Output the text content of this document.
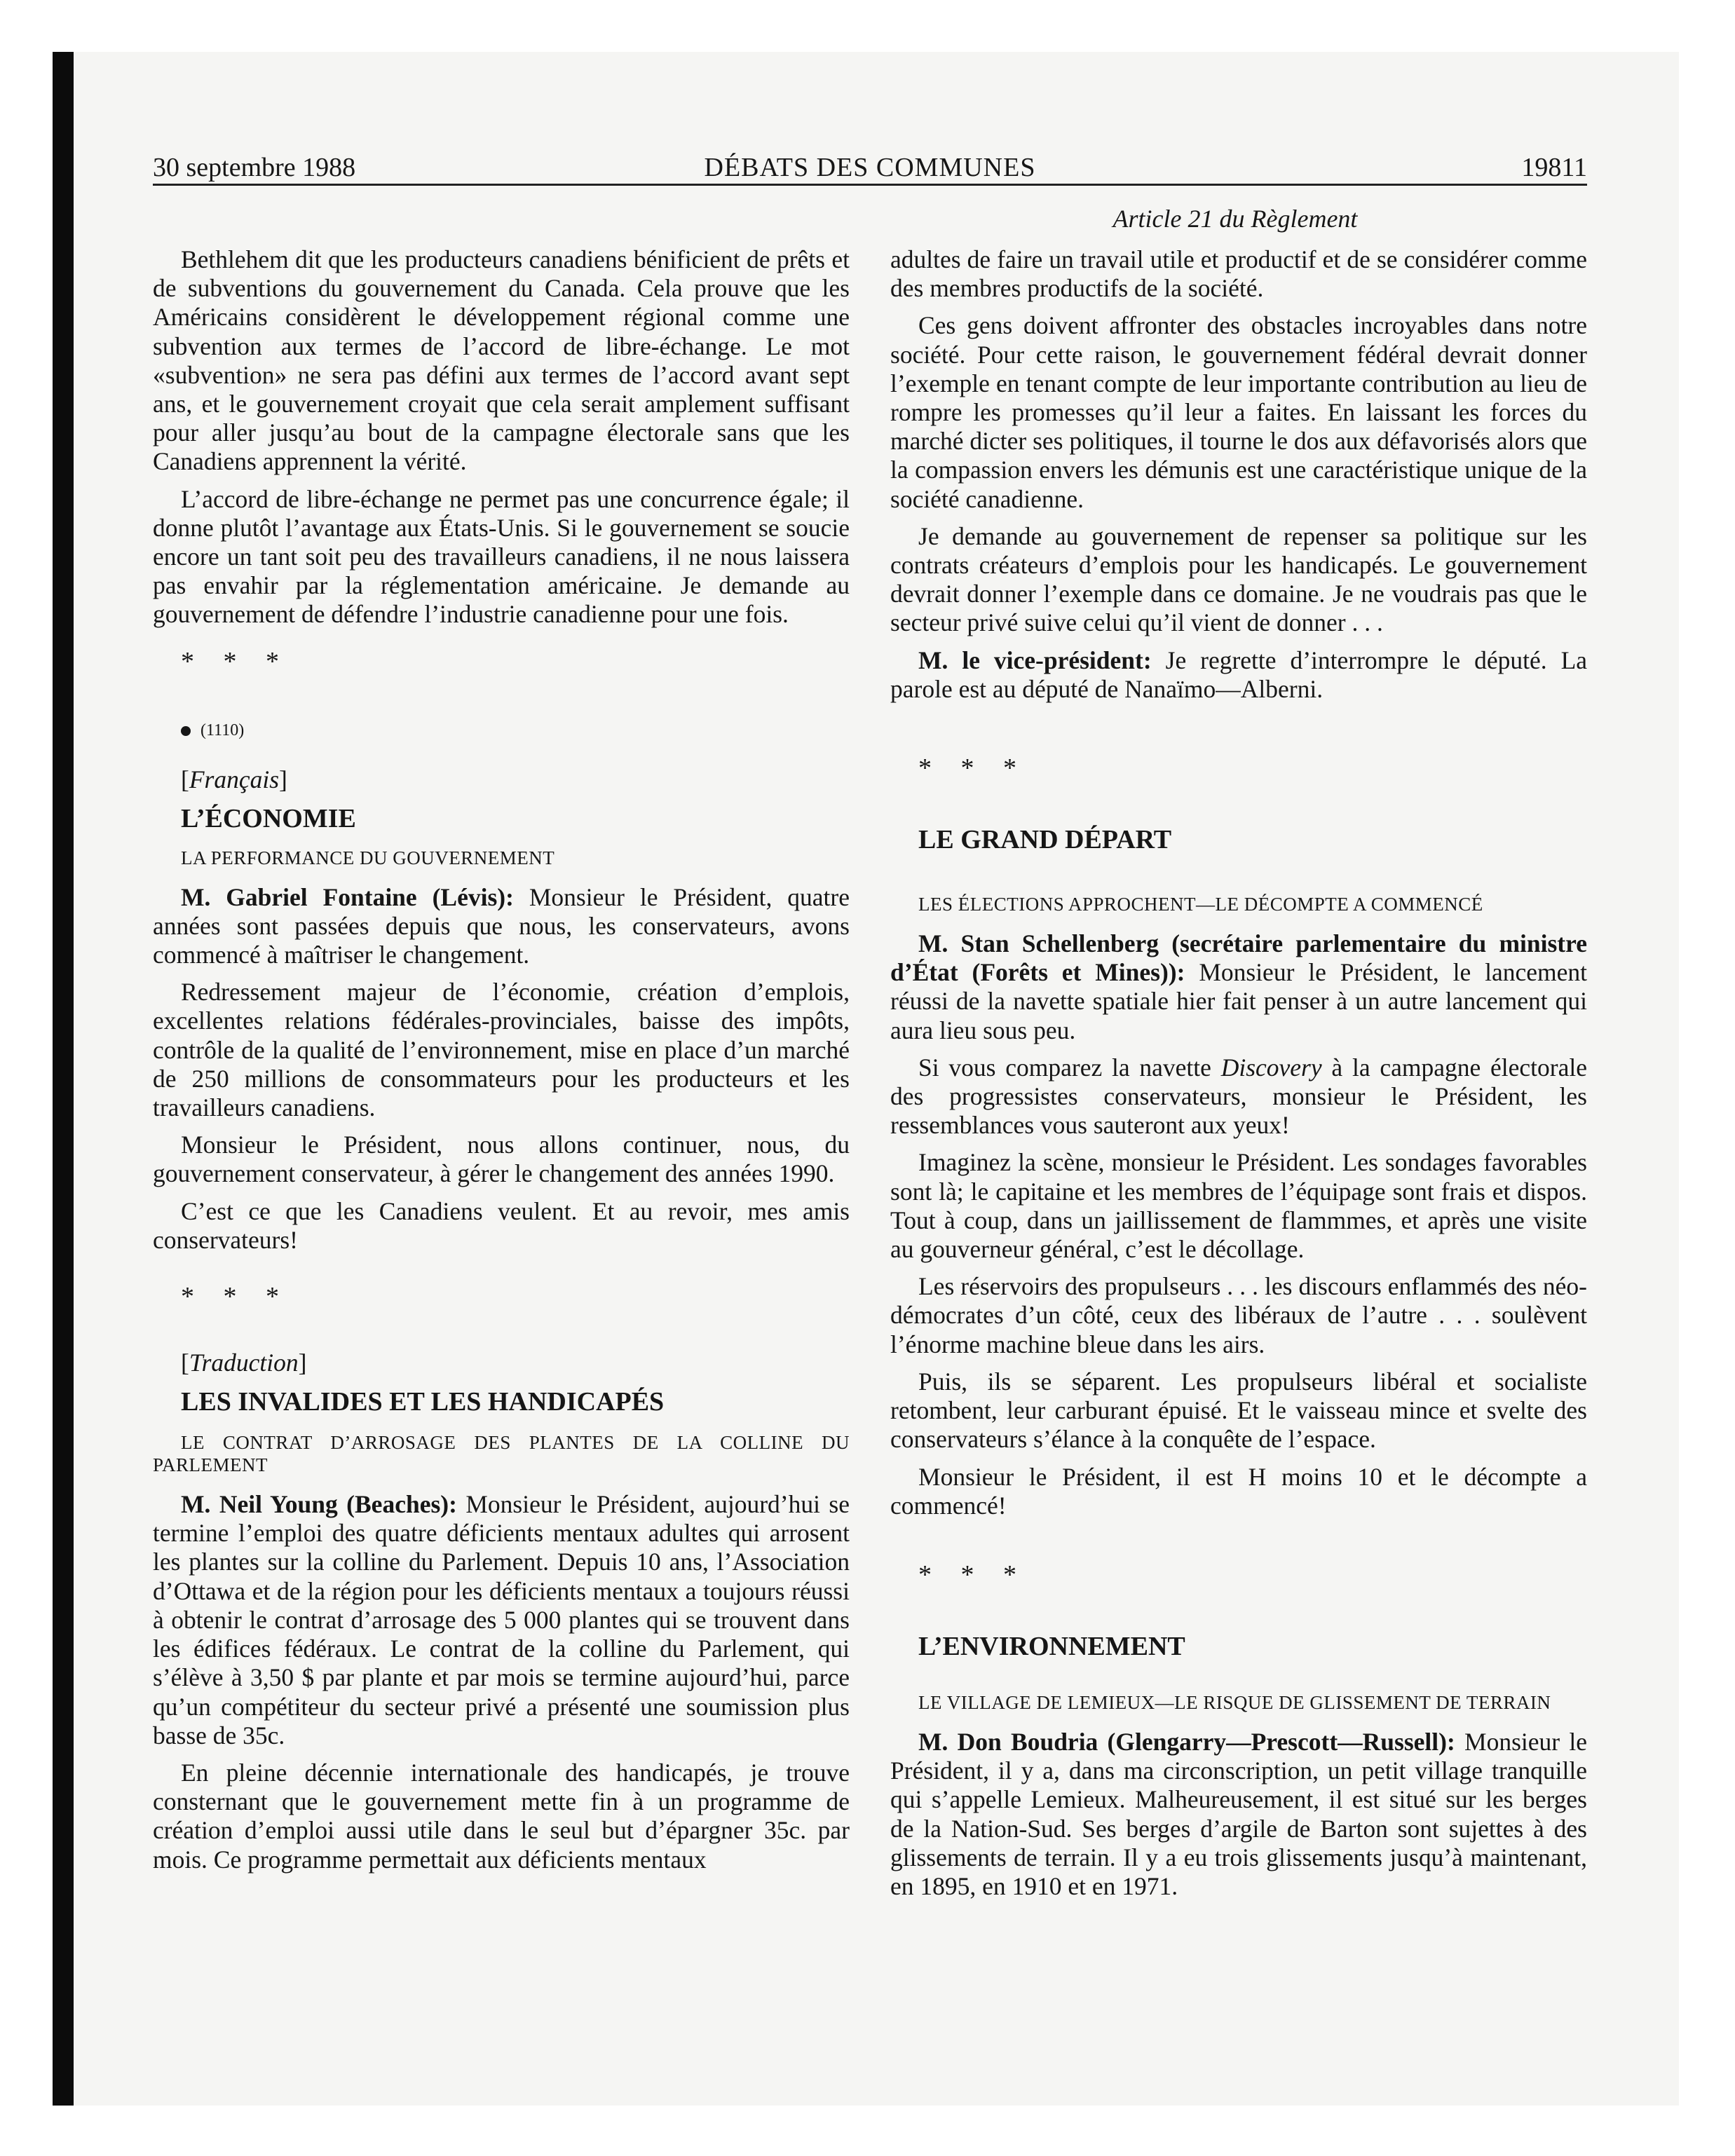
30 septembre 1988	DÉBATS DES COMMUNES	19811
Article 21 du Règlement

Bethlehem dit que les producteurs canadiens bénificient de prêts et de subventions du gouvernement du Canada. Cela prouve que les Américains considèrent le développement régional comme une subvention aux termes de l’accord de libre-échange. Le mot «subvention» ne sera pas défini aux termes de l’accord avant sept ans, et le gouvernement croyait que cela serait amplement suffisant pour aller jusqu’au bout de la campagne électorale sans que les Canadiens apprennent la vérité.

L’accord de libre-échange ne permet pas une concurrence égale; il donne plutôt l’avantage aux États-Unis. Si le gouvernement se soucie encore un tant soit peu des travailleurs canadiens, il ne nous laissera pas envahir par la réglementation américaine. Je demande au gouvernement de défendre l’industrie canadienne pour une fois.

* * *

(1110)

[Français]

L’ÉCONOMIE

LA PERFORMANCE DU GOUVERNEMENT

M. Gabriel Fontaine (Lévis): Monsieur le Président, quatre années sont passées depuis que nous, les conservateurs, avons commencé à maîtriser le changement.

Redressement majeur de l’économie, création d’emplois, excellentes relations fédérales-provinciales, baisse des impôts, contrôle de la qualité de l’environnement, mise en place d’un marché de 250 millions de consommateurs pour les producteurs et les travailleurs canadiens.

Monsieur le Président, nous allons continuer, nous, du gouvernement conservateur, à gérer le changement des années 1990.

C’est ce que les Canadiens veulent. Et au revoir, mes amis conservateurs!

* * *

[Traduction]

LES INVALIDES ET LES HANDICAPÉS

LE CONTRAT D’ARROSAGE DES PLANTES DE LA COLLINE DU PARLEMENT

M. Neil Young (Beaches): Monsieur le Président, aujourd’hui se termine l’emploi des quatre déficients mentaux adultes qui arrosent les plantes sur la colline du Parlement. Depuis 10 ans, l’Association d’Ottawa et de la région pour les déficients mentaux a toujours réussi à obtenir le contrat d’arrosage des 5 000 plantes qui se trouvent dans les édifices fédéraux. Le contrat de la colline du Parlement, qui s’élève à 3,50 $ par plante et par mois se termine aujourd’hui, parce qu’un compétiteur du secteur privé a présenté une soumission plus basse de 35c.

En pleine décennie internationale des handicapés, je trouve consternant que le gouvernement mette fin à un programme de création d’emploi aussi utile dans le seul but d’épargner 35c. par mois. Ce programme permettait aux déficients mentaux

adultes de faire un travail utile et productif et de se considérer comme des membres productifs de la société.

Ces gens doivent affronter des obstacles incroyables dans notre société. Pour cette raison, le gouvernement fédéral devrait donner l’exemple en tenant compte de leur importante contribution au lieu de rompre les promesses qu’il leur a faites. En laissant les forces du marché dicter ses politiques, il tourne le dos aux défavorisés alors que la compassion envers les démunis est une caractéristique unique de la société canadienne.

Je demande au gouvernement de repenser sa politique sur les contrats créateurs d’emplois pour les handicapés. Le gouvernement devrait donner l’exemple dans ce domaine. Je ne voudrais pas que le secteur privé suive celui qu’il vient de donner . . .

M. le vice-président: Je regrette d’interrompre le député. La parole est au député de Nanaïmo—Alberni.

* * *

LE GRAND DÉPART

LES ÉLECTIONS APPROCHENT—LE DÉCOMPTE A COMMENCÉ

M. Stan Schellenberg (secrétaire parlementaire du ministre d’État (Forêts et Mines)): Monsieur le Président, le lancement réussi de la navette spatiale hier fait penser à un autre lancement qui aura lieu sous peu.

Si vous comparez la navette Discovery à la campagne électorale des progressistes conservateurs, monsieur le Président, les ressemblances vous sauteront aux yeux!

Imaginez la scène, monsieur le Président. Les sondages favorables sont là; le capitaine et les membres de l’équipage sont frais et dispos. Tout à coup, dans un jaillissement de flammmes, et après une visite au gouverneur général, c’est le décollage.

Les réservoirs des propulseurs . . . les discours enflammés des néo-démocrates d’un côté, ceux des libéraux de l’autre . . . soulèvent l’énorme machine bleue dans les airs.

Puis, ils se séparent. Les propulseurs libéral et socialiste retombent, leur carburant épuisé. Et le vaisseau mince et svelte des conservateurs s’élance à la conquête de l’espace.

Monsieur le Président, il est H moins 10 et le décompte a commencé!

* * *

L’ENVIRONNEMENT

LE VILLAGE DE LEMIEUX—LE RISQUE DE GLISSEMENT DE TERRAIN

M. Don Boudria (Glengarry—Prescott—Russell): Monsieur le Président, il y a, dans ma circonscription, un petit village tranquille qui s’appelle Lemieux. Malheureusement, il est situé sur les berges de la Nation-Sud. Ses berges d’argile de Barton sont sujettes à des glissements de terrain. Il y a eu trois glissements jusqu’à maintenant, en 1895, en 1910 et en 1971.
